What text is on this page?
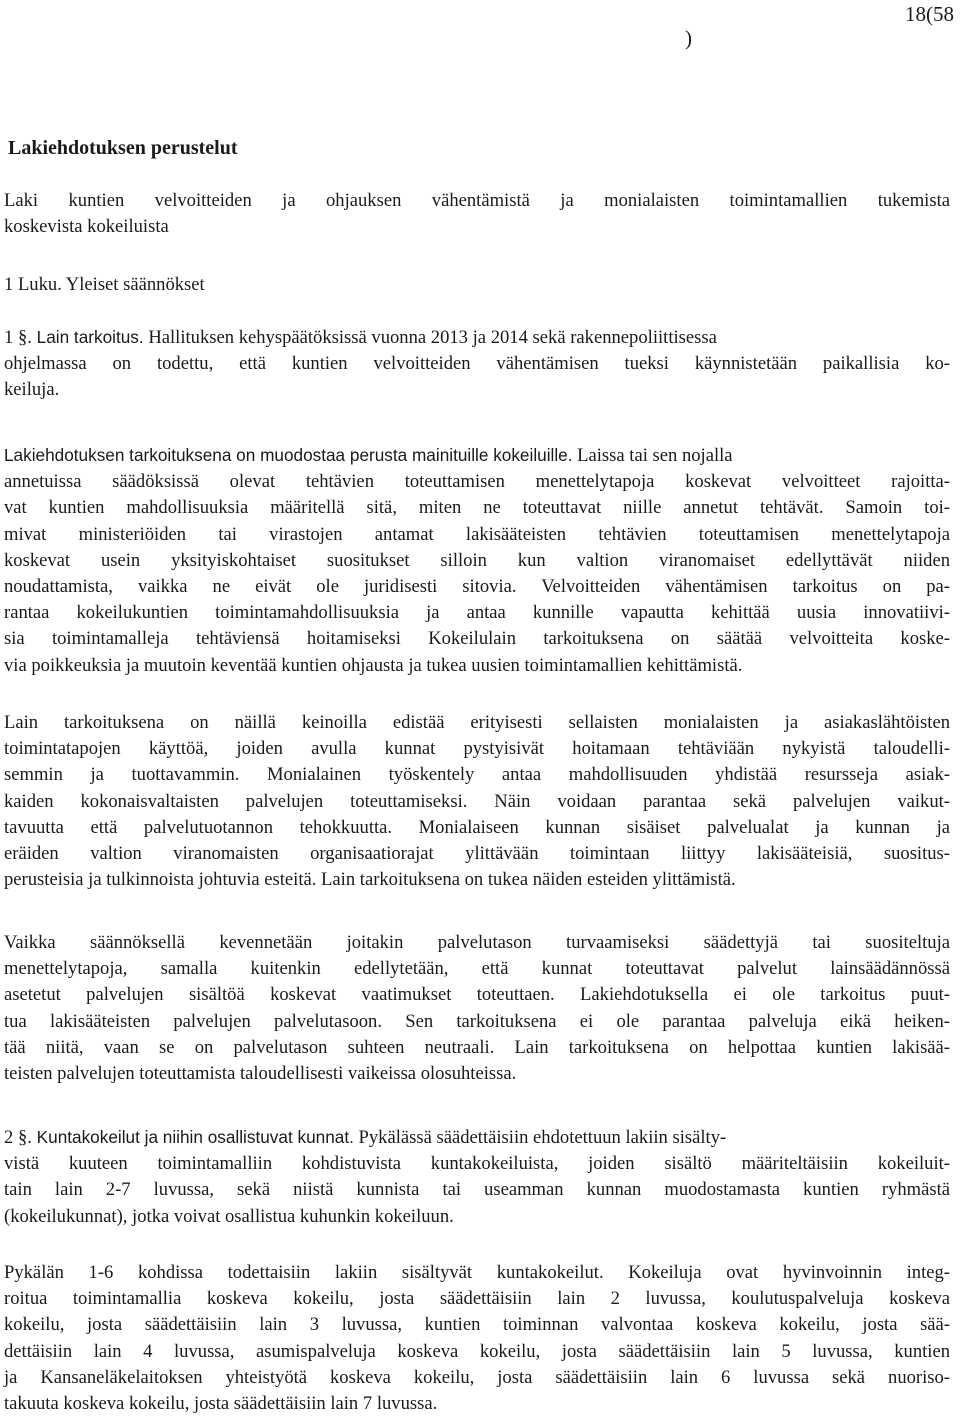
18(58
)
Lakiehdotuksen perustelut
Laki kuntien velvoitteiden ja ohjauksen vähentämistä ja monialaisten toimintamallien tukemista
koskevista kokeiluista
1 Luku. Yleiset säännökset
1 §. Lain tarkoitus. Hallituksen kehyspäätöksissä vuonna 2013 ja 2014 sekä rakennepoliittisessa
ohjelmassa on todettu, että kuntien velvoitteiden vähentämisen tueksi käynnistetään paikallisia ko-
keiluja.
Lakiehdotuksen tarkoituksena on muodostaa perusta mainituille kokeiluille. Laissa tai sen nojalla
annetuissa säädöksissä olevat tehtävien toteuttamisen menettelytapoja koskevat velvoitteet rajoitta-
vat kuntien mahdollisuuksia määritellä sitä, miten ne toteuttavat niille annetut tehtävät. Samoin toi-
mivat ministeriöiden tai virastojen antamat lakisääteisten tehtävien toteuttamisen menettelytapoja
koskevat usein yksityiskohtaiset suositukset silloin kun valtion viranomaiset edellyttävät niiden
noudattamista, vaikka ne eivät ole juridisesti sitovia. Velvoitteiden vähentämisen tarkoitus on pa-
rantaa kokeilukuntien toimintamahdollisuuksia ja antaa kunnille vapautta kehittää uusia innovatiivi-
sia toimintamalleja tehtäviensä hoitamiseksi Kokeilulain tarkoituksena on säätää velvoitteita koske-
via poikkeuksia ja muutoin keventää kuntien ohjausta ja tukea uusien toimintamallien kehittämistä.
Lain tarkoituksena on näillä keinoilla edistää erityisesti sellaisten monialaisten ja asiakaslähtöisten
toimintatapojen käyttöä, joiden avulla kunnat pystyisivät hoitamaan tehtäviään nykyistä taloudelli-
semmin ja tuottavammin. Monialainen työskentely antaa mahdollisuuden yhdistää resursseja asiak-
kaiden kokonaisvaltaisten palvelujen toteuttamiseksi. Näin voidaan parantaa sekä palvelujen vaikut-
tavuutta että palvelutuotannon tehokkuutta. Monialaiseen kunnan sisäiset palvelualat ja kunnan ja
eräiden valtion viranomaisten organisaatiorajat ylittävään toimintaan liittyy lakisääteisiä, suositus-
perusteisia ja tulkinnoista johtuvia esteitä. Lain tarkoituksena on tukea näiden esteiden ylittämistä.
Vaikka säännöksellä kevennetään joitakin palvelutason turvaamiseksi säädettyjä tai suositeltuja
menettelytapoja, samalla kuitenkin edellytetään, että kunnat toteuttavat palvelut lainsäädännössä
asetetut palvelujen sisältöä koskevat vaatimukset toteuttaen. Lakiehdotuksella ei ole tarkoitus puut-
tua lakisääteisten palvelujen palvelutasoon. Sen tarkoituksena ei ole parantaa palveluja eikä heiken-
tää niitä, vaan se on palvelutason suhteen neutraali. Lain tarkoituksena on helpottaa kuntien lakisää-
teisten palvelujen toteuttamista taloudellisesti vaikeissa olosuhteissa.
2 §. Kuntakokeilut ja niihin osallistuvat kunnat. Pykälässä säädettäisiin ehdotettuun lakiin sisälty-
vistä kuuteen toimintamalliin kohdistuvista kuntakokeiluista, joiden sisältö määriteltäisiin kokeiluit-
tain lain 2-7 luvussa, sekä niistä kunnista tai useamman kunnan muodostamasta kuntien ryhmästä
(kokeilukunnat), jotka voivat osallistua kuhunkin kokeiluun.
Pykälän 1-6 kohdissa todettaisiin lakiin sisältyvät kuntakokeilut. Kokeiluja ovat hyvinvoinnin integ-
roitua toimintamallia koskeva kokeilu, josta säädettäisiin lain 2 luvussa, koulutuspalveluja koskeva
kokeilu, josta säädettäisiin lain 3 luvussa, kuntien toiminnan valvontaa koskeva kokeilu, josta sää-
dettäisiin lain 4 luvussa, asumispalveluja koskeva kokeilu, josta säädettäisiin lain 5 luvussa, kuntien
ja Kansaneläkelaitoksen yhteistyötä koskeva kokeilu, josta säädettäisiin lain 6 luvussa sekä nuoriso-
takuuta koskeva kokeilu, josta säädettäisiin lain 7 luvussa.
